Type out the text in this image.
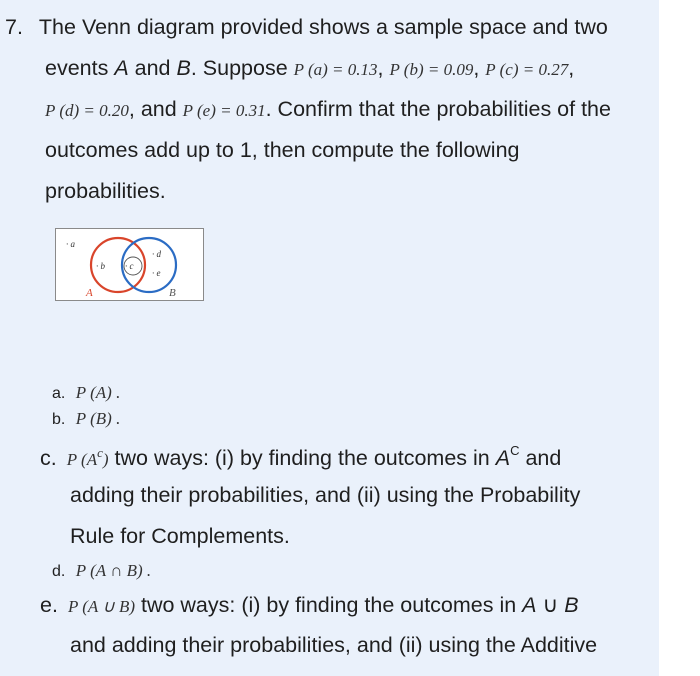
7. The Venn diagram provided shows a sample space and two
events A and B. Suppose P (a) = 0.13, P (b) = 0.09, P (c) = 0.27,
P (d) = 0.20, and P (e) = 0.31. Confirm that the probabilities of the
outcomes add up to 1, then compute the following
probabilities.
· a
· b · c
· d
· e
A	B
a. P (A) .
b. P (B) .
c. P $(A^c)$ two ways: (i) by finding the outcomes in $A^C$ and
adding their probabilities, and (ii) using the Probability
Rule for Complements.
d. P (A ∩ B) .
e. P (A ∪ B) two ways: (i) by finding the outcomes in A ∪ B
and adding their probabilities, and (ii) using the Additive
